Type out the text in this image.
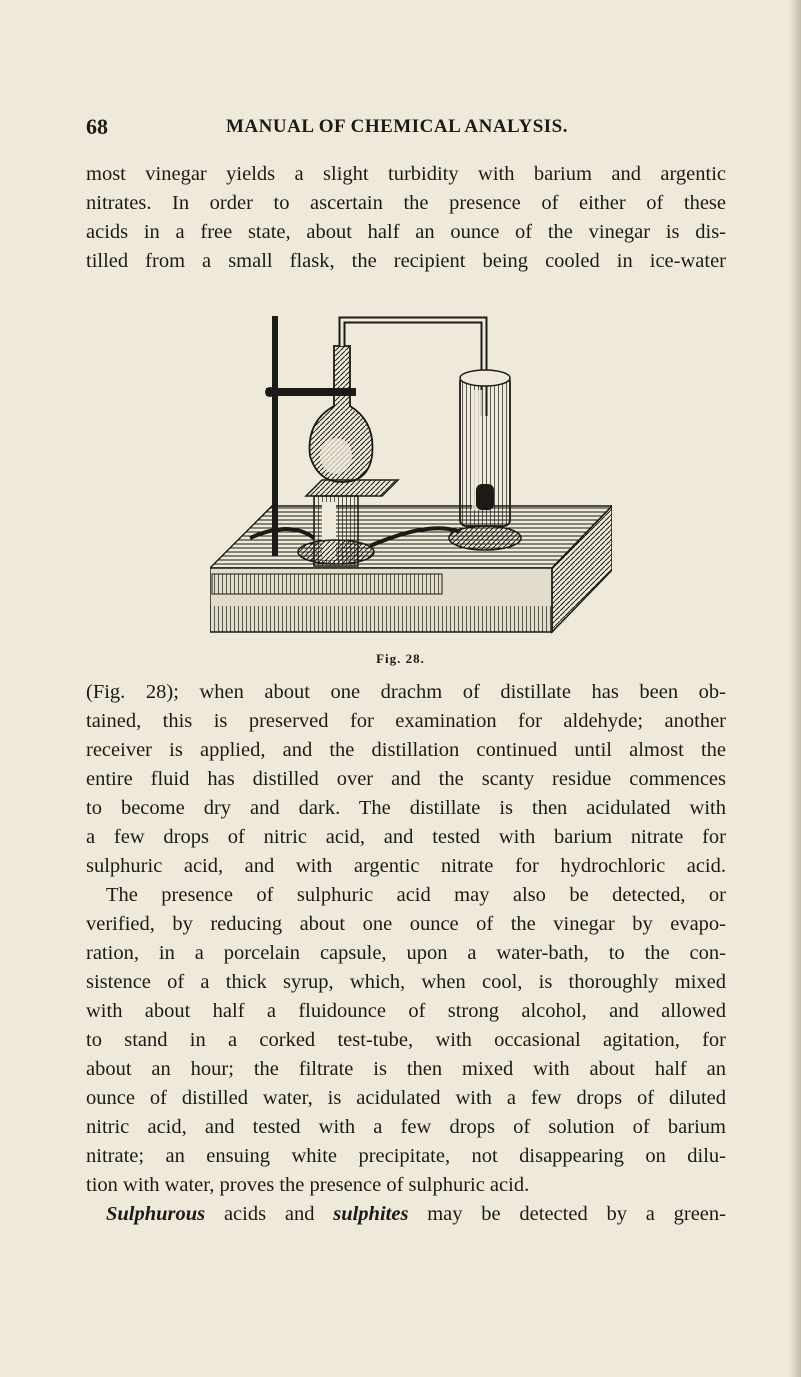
68	MANUAL OF CHEMICAL ANALYSIS.
most vinegar yields a slight turbidity with barium and argentic
nitrates. In order to ascertain the presence of either of these
acids in a free state, about half an ounce of the vinegar is dis-
tilled from a small flask, the recipient being cooled in ice-water
Fig. 28.
(Fig. 28); when about one drachm of distillate has been ob-
tained, this is preserved for examination for aldehyde; another
receiver is applied, and the distillation continued until almost the
entire fluid has distilled over and the scanty residue commences
to become dry and dark. The distillate is then acidulated with
a few drops of nitric acid, and tested with barium nitrate for
sulphuric acid, and with argentic nitrate for hydrochloric acid.
The presence of sulphuric acid may also be detected, or
verified, by reducing about one ounce of the vinegar by evapo-
ration, in a porcelain capsule, upon a water-bath, to the con-
sistence of a thick syrup, which, when cool, is thoroughly mixed
with about half a fluidounce of strong alcohol, and allowed
to stand in a corked test-tube, with occasional agitation, for
about an hour; the filtrate is then mixed with about half an
ounce of distilled water, is acidulated with a few drops of diluted
nitric acid, and tested with a few drops of solution of barium
nitrate; an ensuing white precipitate, not disappearing on dilu-
tion with water, proves the presence of sulphuric acid.
Sulphurous acids and sulphites may be detected by a green-
